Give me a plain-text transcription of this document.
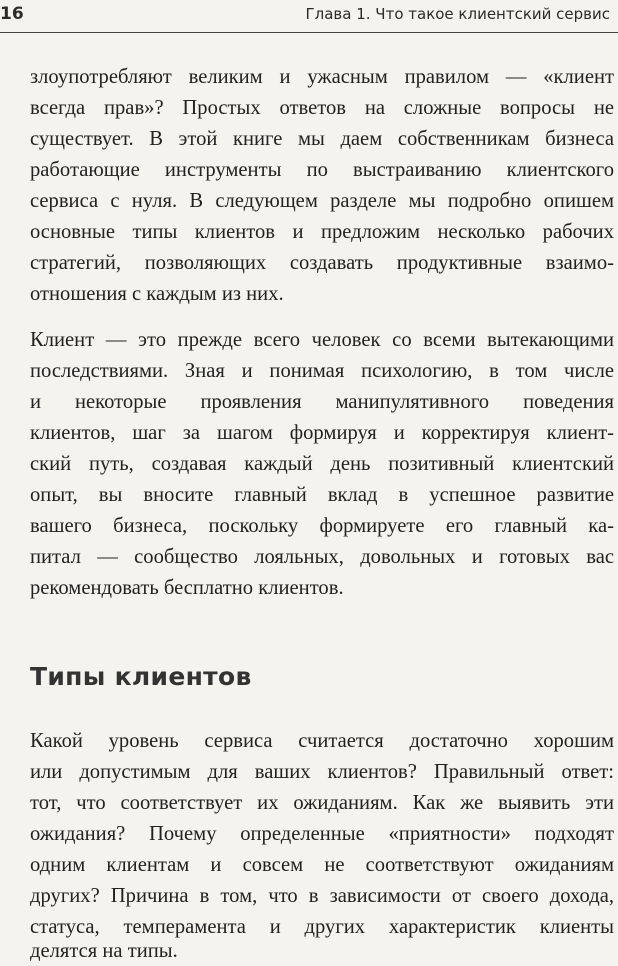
16	Глава 1. Что такое клиентский сервис
злоупотребляют великим и ужасным правилом — «клиент
всегда прав»? Простых ответов на сложные вопросы не
существует. В этой книге мы даем собственникам бизнеса
работающие инструменты по выстраиванию клиентского
сервиса с нуля. В следующем разделе мы подробно опишем
основные типы клиентов и предложим несколько рабочих
стратегий, позволяющих создавать продуктивные взаимо-
отношения с каждым из них.
Клиент — это прежде всего человек со всеми вытекающими
последствиями. Зная и понимая психологию, в том числе
и некоторые проявления манипулятивного поведения
клиентов, шаг за шагом формируя и корректируя клиент-
ский путь, создавая каждый день позитивный клиентский
опыт, вы вносите главный вклад в успешное развитие
вашего бизнеса, поскольку формируете его главный ка-
питал — сообщество лояльных, довольных и готовых вас
рекомендовать бесплатно клиентов.
Типы клиентов
Какой уровень сервиса считается достаточно хорошим
или допустимым для ваших клиентов? Правильный ответ:
тот, что соответствует их ожиданиям. Как же выявить эти
ожидания? Почему определенные «приятности» подходят
одним клиентам и совсем не соответствуют ожиданиям
других? Причина в том, что в зависимости от своего дохода,
статуса, темперамента и других характеристик клиенты
делятся на типы.
